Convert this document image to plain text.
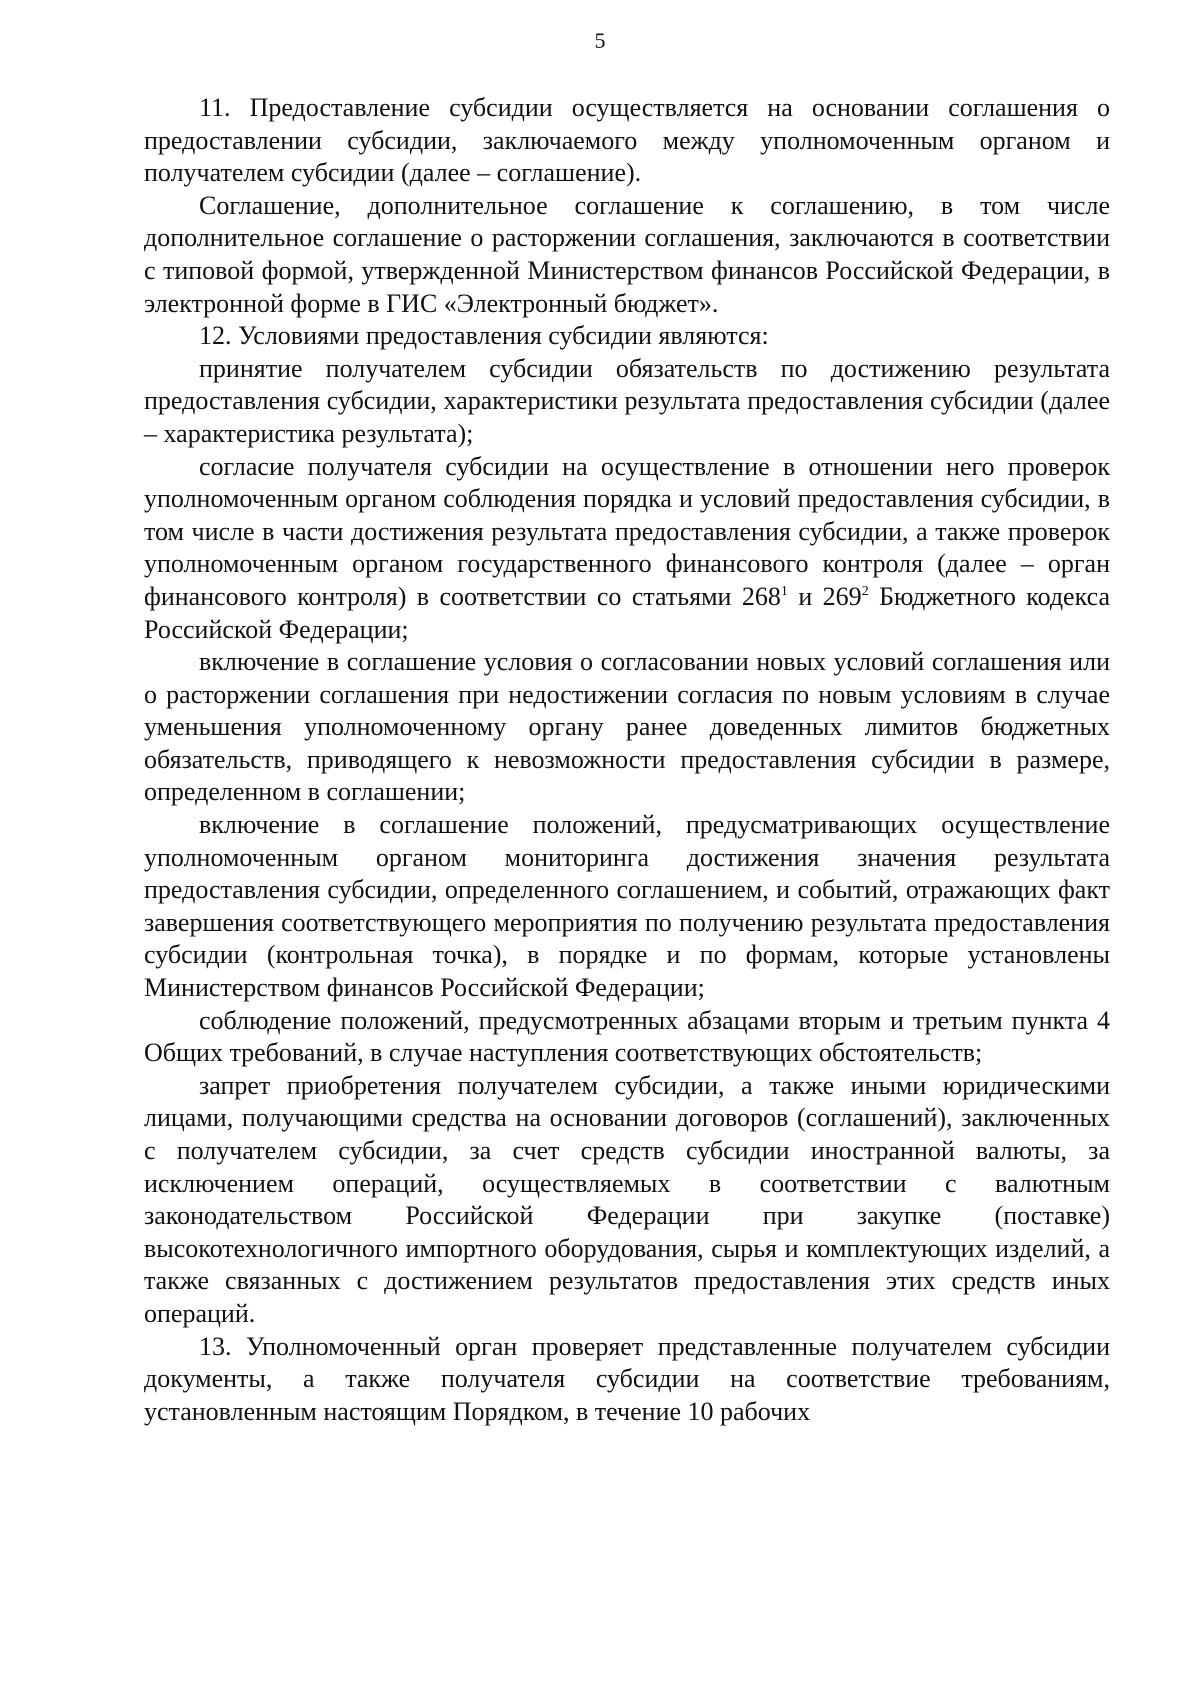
5

11. Предоставление субсидии осуществляется на основании соглашения о предоставлении субсидии, заключаемого между уполномоченным органом и получателем субсидии (далее – соглашение).

Соглашение, дополнительное соглашение к соглашению, в том числе дополнительное соглашение о расторжении соглашения, заключаются в соответствии с типовой формой, утвержденной Министерством финансов Российской Федерации, в электронной форме в ГИС «Электронный бюджет».

12. Условиями предоставления субсидии являются:

принятие получателем субсидии обязательств по достижению результата предоставления субсидии, характеристики результата предоставления субсидии (далее – характеристика результата);

согласие получателя субсидии на осуществление в отношении него проверок уполномоченным органом соблюдения порядка и условий предоставления субсидии, в том числе в части достижения результата предоставления субсидии, а также проверок уполномоченным органом государственного финансового контроля (далее – орган финансового контроля) в соответствии со статьями $268^1$ и $269^2$ Бюджетного кодекса Российской Федерации;

включение в соглашение условия о согласовании новых условий соглашения или о расторжении соглашения при недостижении согласия по новым условиям в случае уменьшения уполномоченному органу ранее доведенных лимитов бюджетных обязательств, приводящего к невозможности предоставления субсидии в размере, определенном в соглашении;

включение в соглашение положений, предусматривающих осуществление уполномоченным органом мониторинга достижения значения результата предоставления субсидии, определенного соглашением, и событий, отражающих факт завершения соответствующего мероприятия по получению результата предоставления субсидии (контрольная точка), в порядке и по формам, которые установлены Министерством финансов Российской Федерации;

соблюдение положений, предусмотренных абзацами вторым и третьим пункта 4 Общих требований, в случае наступления соответствующих обстоятельств;

запрет приобретения получателем субсидии, а также иными юридическими лицами, получающими средства на основании договоров (соглашений), заключенных с получателем субсидии, за счет средств субсидии иностранной валюты, за исключением операций, осуществляемых в соответствии с валютным законодательством Российской Федерации при закупке (поставке) высокотехнологичного импортного оборудования, сырья и комплектующих изделий, а также связанных с достижением результатов предоставления этих средств иных операций.

13. Уполномоченный орган проверяет представленные получателем субсидии документы, а также получателя субсидии на соответствие требованиям, установленным настоящим Порядком, в течение 10 рабочих
